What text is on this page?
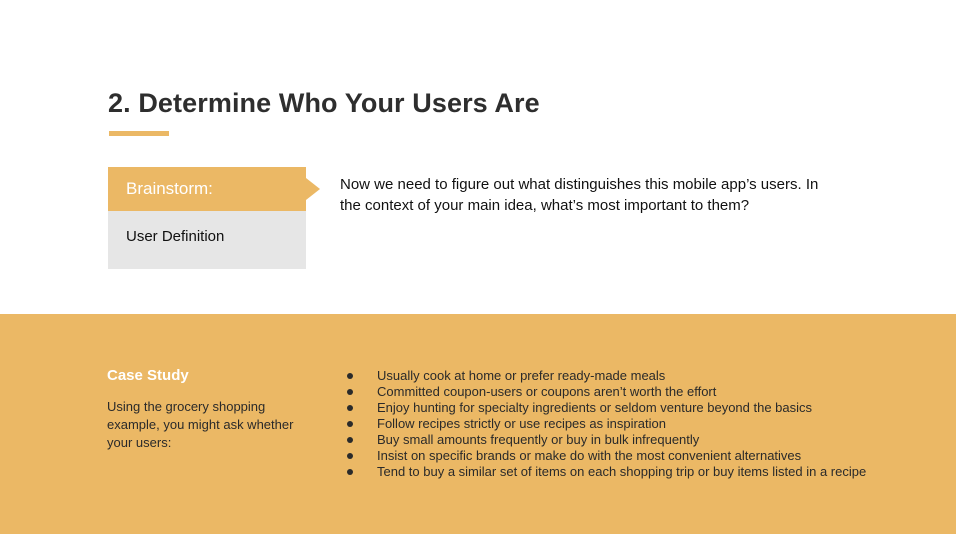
2. Determine Who Your Users Are
Brainstorm:
User Definition

Now we need to figure out what distinguishes this mobile app’s users. In the context of your main idea, what’s most important to them?

Case Study

Using the grocery shopping example, you might ask whether your users:

Usually cook at home or prefer ready-made meals
Committed coupon-users or coupons aren’t worth the effort
Enjoy hunting for specialty ingredients or seldom venture beyond the basics
Follow recipes strictly or use recipes as inspiration
Buy small amounts frequently or buy in bulk infrequently
Insist on specific brands or make do with the most convenient alternatives
Tend to buy a similar set of items on each shopping trip or buy items listed in a recipe
